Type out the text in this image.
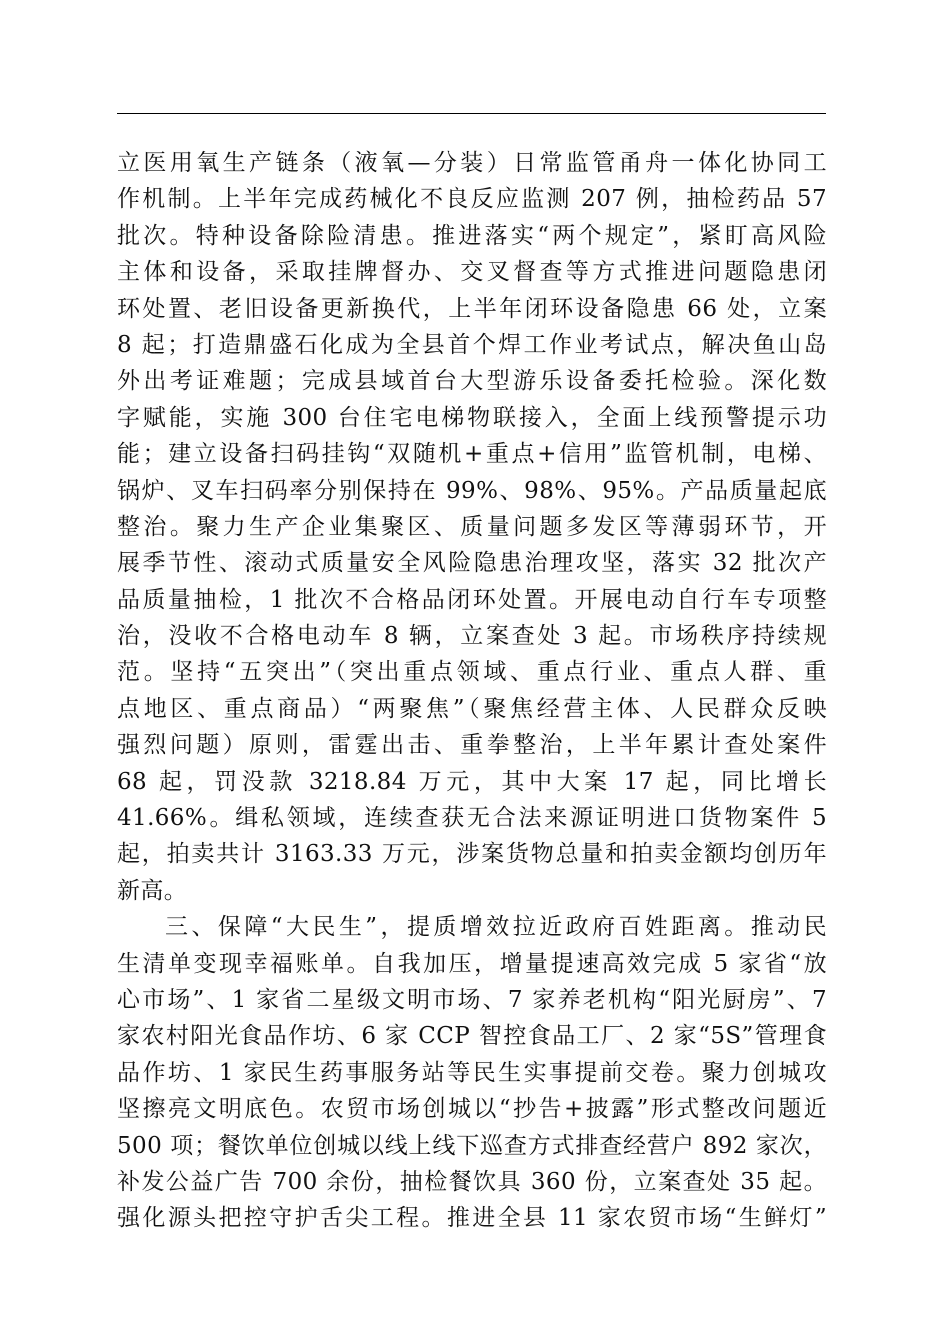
立医用氧生产链条（液氧—分装）日常监管甬舟一体化协同工
作机制。上半年完成药械化不良反应监测 207 例，抽检药品 57
批次。特种设备除险清患。推进落实“两个规定”，紧盯高风险
主体和设备，采取挂牌督办、交叉督查等方式推进问题隐患闭
环处置、老旧设备更新换代，上半年闭环设备隐患 66 处，立案
8 起；打造鼎盛石化成为全县首个焊工作业考试点，解决鱼山岛
外出考证难题；完成县域首台大型游乐设备委托检验。深化数
字赋能，实施 300 台住宅电梯物联接入，全面上线预警提示功
能；建立设备扫码挂钩“双随机+重点+信用”监管机制，电梯、
锅炉、叉车扫码率分别保持在 99%、98%、95%。产品质量起底
整治。聚力生产企业集聚区、质量问题多发区等薄弱环节，开
展季节性、滚动式质量安全风险隐患治理攻坚，落实 32 批次产
品质量抽检，1 批次不合格品闭环处置。开展电动自行车专项整
治，没收不合格电动车 8 辆，立案查处 3 起。市场秩序持续规
范。坚持“五突出”（突出重点领域、重点行业、重点人群、重
点地区、重点商品）“两聚焦”（聚焦经营主体、人民群众反映
强烈问题）原则，雷霆出击、重拳整治，上半年累计查处案件
68 起，罚没款 3218.84 万元，其中大案 17 起，同比增长
41.66%。缉私领域，连续查获无合法来源证明进口货物案件 5
起，拍卖共计 3163.33 万元，涉案货物总量和拍卖金额均创历年
新高。
三、保障“大民生”，提质增效拉近政府百姓距离。推动民
生清单变现幸福账单。自我加压，增量提速高效完成 5 家省“放
心市场”、1 家省二星级文明市场、7 家养老机构“阳光厨房”、7
家农村阳光食品作坊、6 家 CCP 智控食品工厂、2 家“5S”管理食
品作坊、1 家民生药事服务站等民生实事提前交卷。聚力创城攻
坚擦亮文明底色。农贸市场创城以“抄告+披露”形式整改问题近
500 项；餐饮单位创城以线上线下巡查方式排查经营户 892 家次，
补发公益广告 700 余份，抽检餐饮具 360 份，立案查处 35 起。
强化源头把控守护舌尖工程。推进全县 11 家农贸市场“生鲜灯”
